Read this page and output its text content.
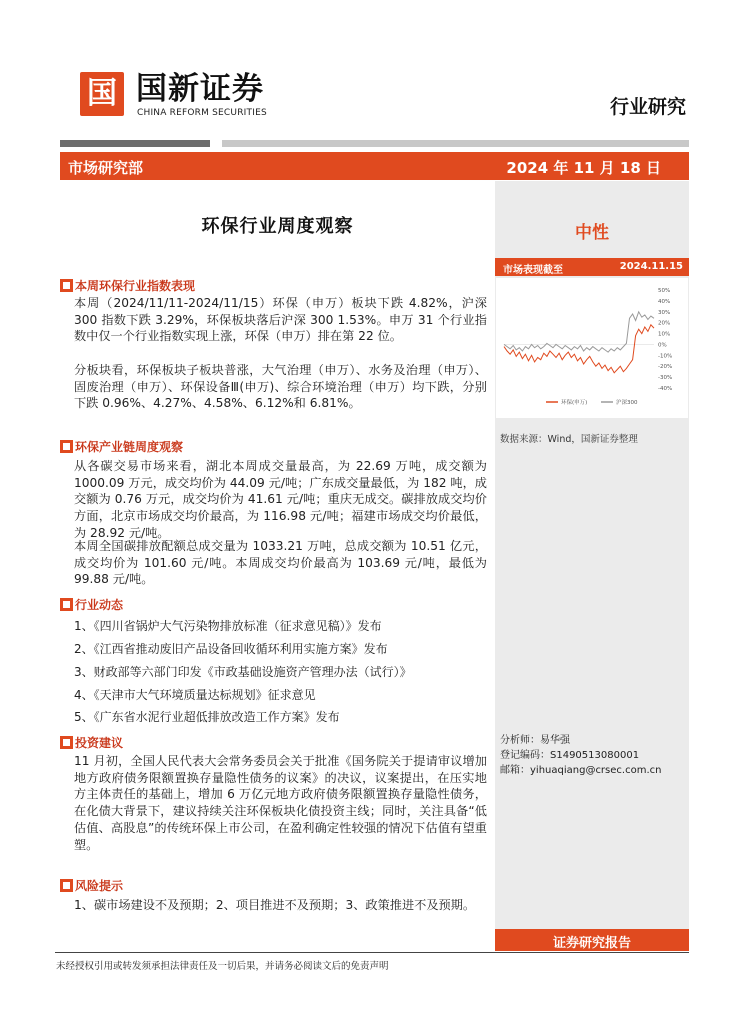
国 国新证券
CHINA REFORM SECURITIES	行业研究
市场研究部	2024 年 11 月 18 日
中性
市场表现截至	2024.11.15
50%
40%
30%
20%
10%
0%
-10%
-20%
-30%
-40%
环保(申万)	沪深300
数据来源：Wind，国新证券整理
分析师：易华强
登记编码：S1490513080001
邮箱：yihuaqiang@crsec.com.cn
证券研究报告
环保行业周度观察
本周环保行业指数表现
本周（2024/11/11-2024/11/15）环保（申万）板块下跌 4.82%，沪深 300 指数下跌 3.29%，环保板块落后沪深 300 1.53%。申万 31 个行业指数中仅一个行业指数实现上涨，环保（申万）排在第 22 位。
分板块看，环保板块子板块普涨，大气治理（申万）、水务及治理（申万）、固废治理（申万）、环保设备Ⅲ(申万)、综合环境治理（申万）均下跌，分别下跌 0.96%、4.27%、4.58%、6.12%和 6.81%。
环保产业链周度观察
从各碳交易市场来看，湖北本周成交量最高，为 22.69 万吨，成交额为 1000.09 万元，成交均价为 44.09 元/吨；广东成交量最低，为 182 吨，成交额为 0.76 万元，成交均价为 41.61 元/吨；重庆无成交。碳排放成交均价方面，北京市场成交均价最高，为 116.98 元/吨；福建市场成交均价最低，为 28.92 元/吨。
本周全国碳排放配额总成交量为 1033.21 万吨，总成交额为 10.51 亿元，成交均价为 101.60 元/吨。本周成交均价最高为 103.69 元/吨，最低为 99.88 元/吨。
行业动态
1、《四川省锅炉大气污染物排放标准（征求意见稿）》发布
2、《江西省推动废旧产品设备回收循环利用实施方案》发布
3、财政部等六部门印发《市政基础设施资产管理办法（试行）》
4、《天津市大气环境质量达标规划》征求意见
5、《广东省水泥行业超低排放改造工作方案》发布
投资建议
11 月初，全国人民代表大会常务委员会关于批准《国务院关于提请审议增加地方政府债务限额置换存量隐性债务的议案》的决议，议案提出，在压实地方主体责任的基础上，增加 6 万亿元地方政府债务限额置换存量隐性债务，在化债大背景下，建议持续关注环保板块化债投资主线；同时，关注具备“低估值、高股息”的传统环保上市公司，在盈利确定性较强的情况下估值有望重塑。
风险提示
1、碳市场建设不及预期；2、项目推进不及预期；3、政策推进不及预期。
未经授权引用或转发须承担法律责任及一切后果，并请务必阅读文后的免责声明
